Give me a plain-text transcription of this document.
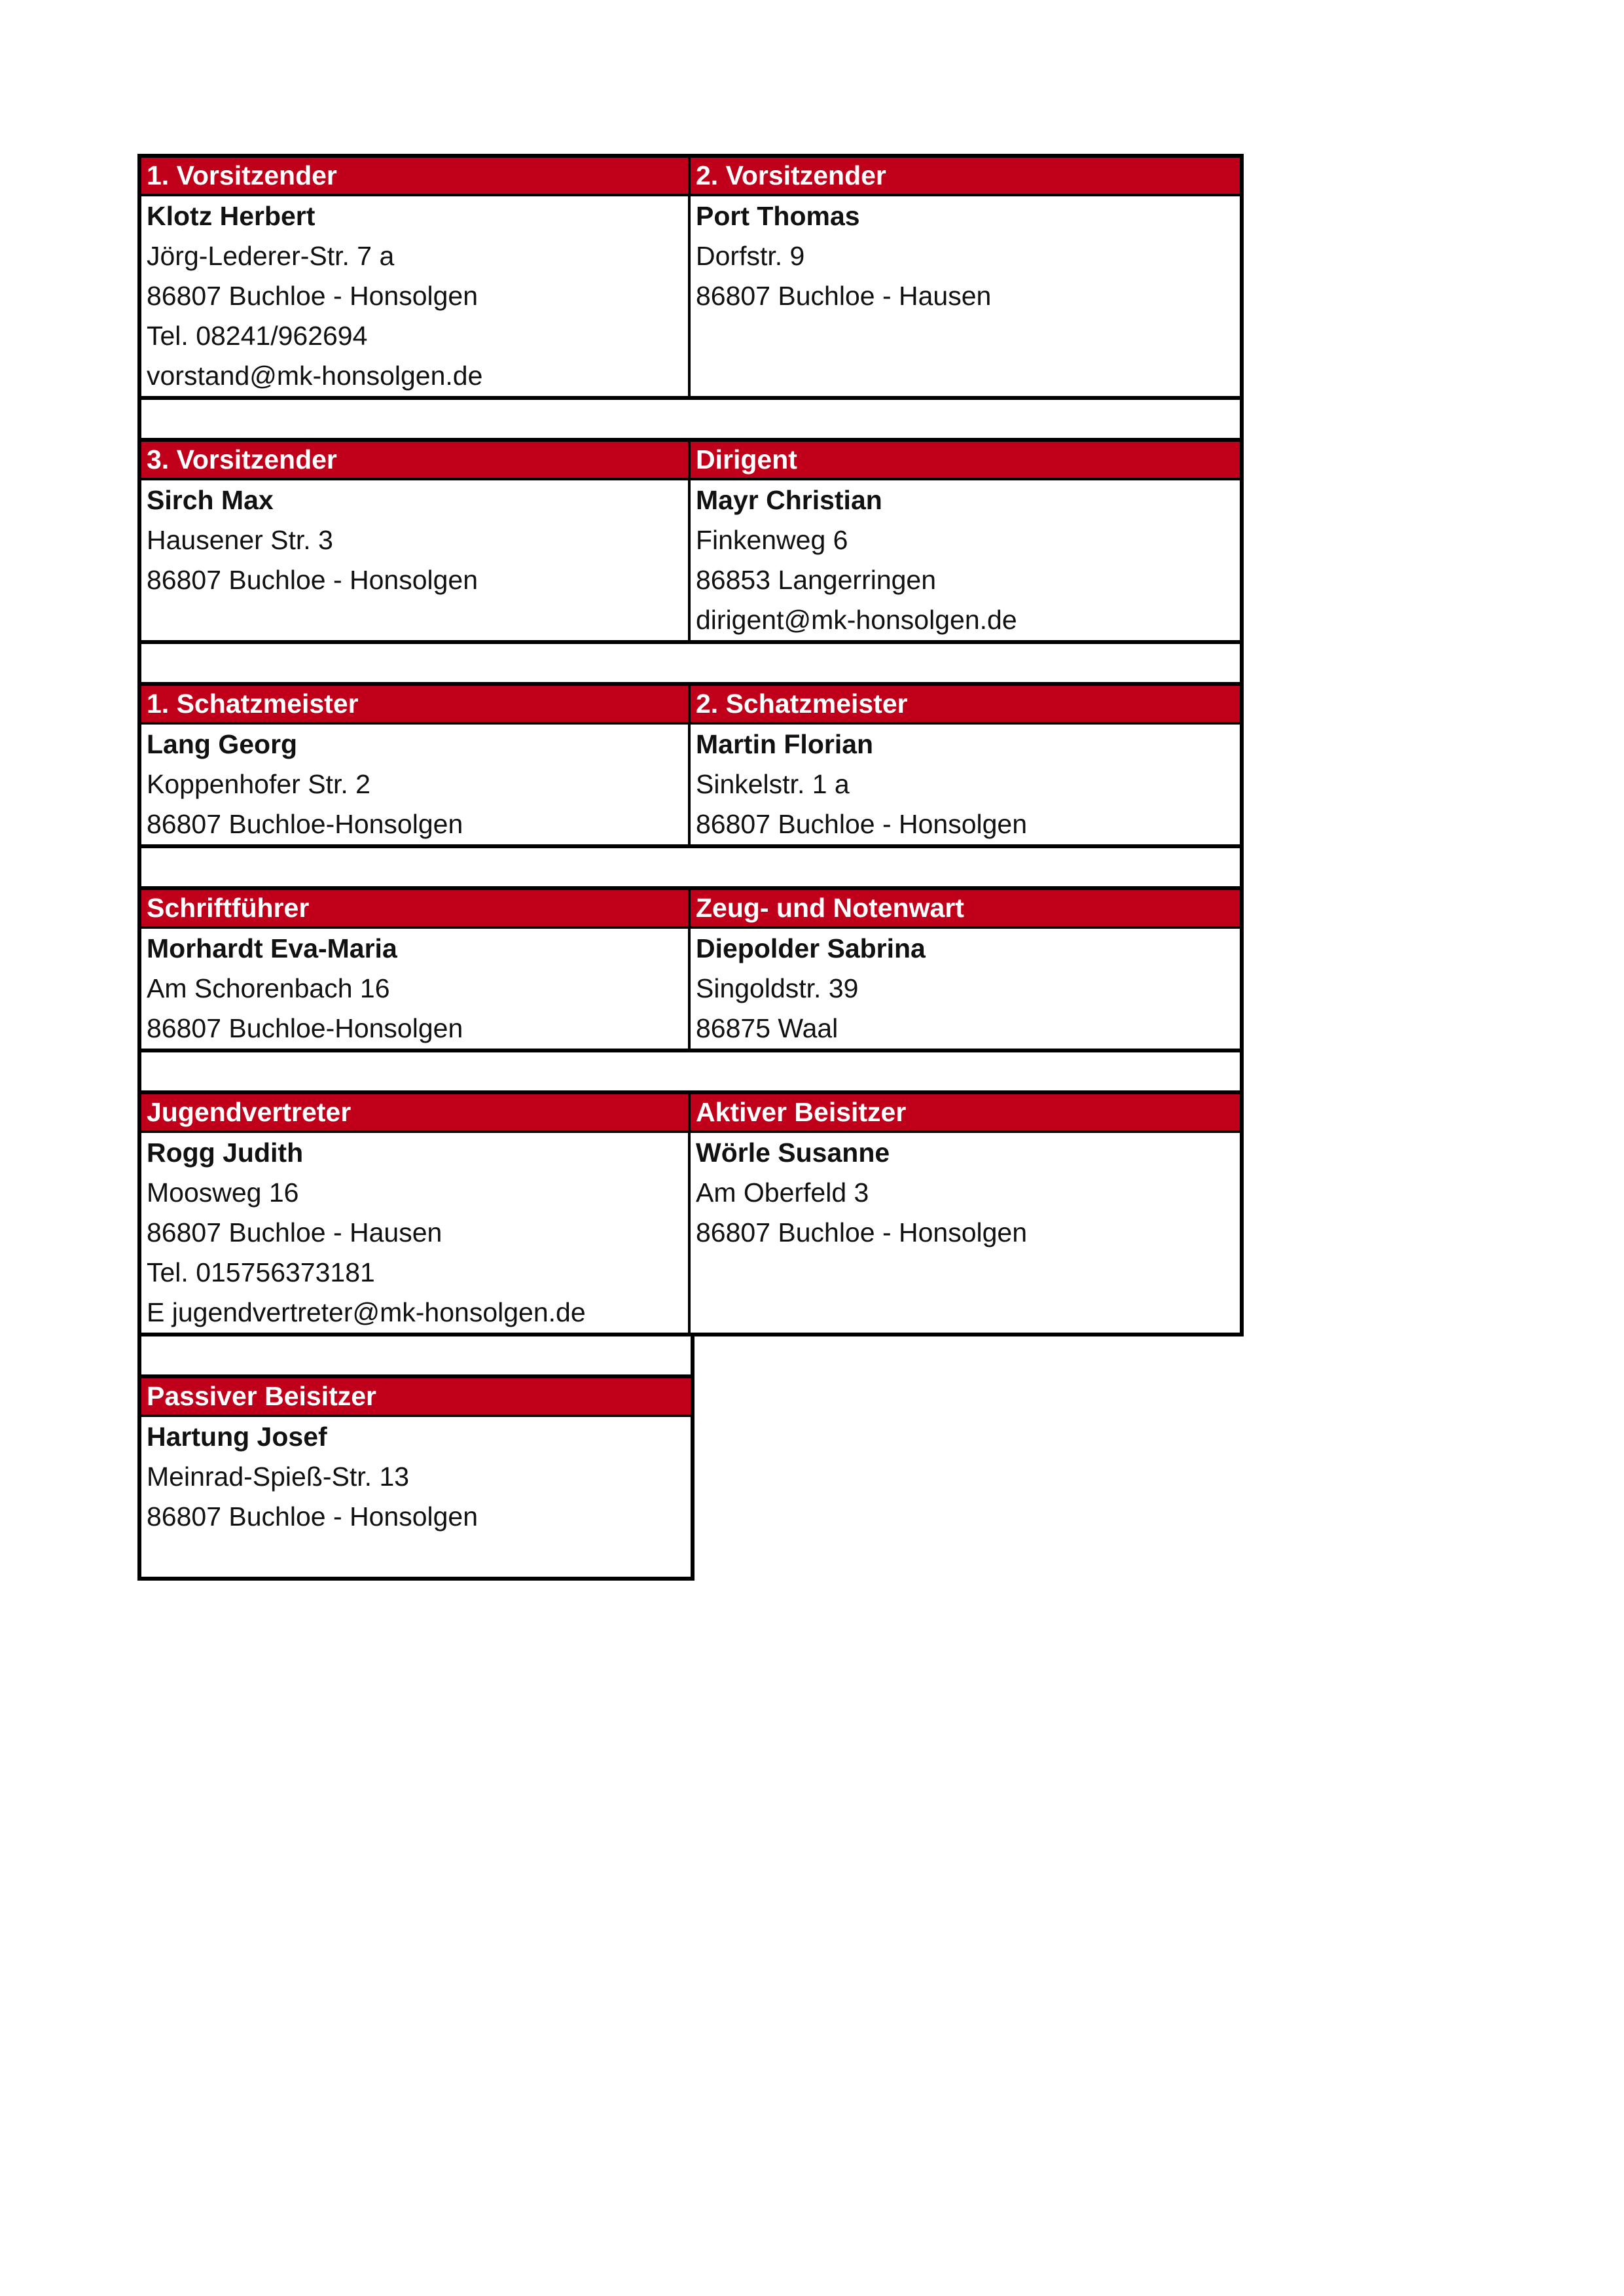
1. Vorsitzender
Klotz Herbert
Jörg-Lederer-Str. 7 a
86807 Buchloe - Honsolgen
Tel. 08241/962694
vorstand@mk-honsolgen.de
2. Vorsitzender
Port Thomas
Dorfstr. 9
86807 Buchloe - Hausen
3. Vorsitzender
Sirch Max
Hausener Str. 3
86807 Buchloe - Honsolgen
Dirigent
Mayr Christian
Finkenweg 6
86853 Langerringen
dirigent@mk-honsolgen.de
1. Schatzmeister
Lang Georg
Koppenhofer Str. 2
86807 Buchloe-Honsolgen
2. Schatzmeister
Martin Florian
Sinkelstr. 1 a
86807 Buchloe - Honsolgen
Schriftführer
Morhardt Eva-Maria
Am Schorenbach 16
86807 Buchloe-Honsolgen
Zeug- und Notenwart
Diepolder Sabrina
Singoldstr. 39
86875 Waal
Jugendvertreter
Rogg Judith
Moosweg 16
86807 Buchloe - Hausen
Tel. 015756373181
E jugendvertreter@mk-honsolgen.de
Aktiver Beisitzer
Wörle Susanne
Am Oberfeld 3
86807 Buchloe - Honsolgen
Passiver Beisitzer
Hartung Josef
Meinrad-Spieß-Str. 13
86807 Buchloe - Honsolgen
